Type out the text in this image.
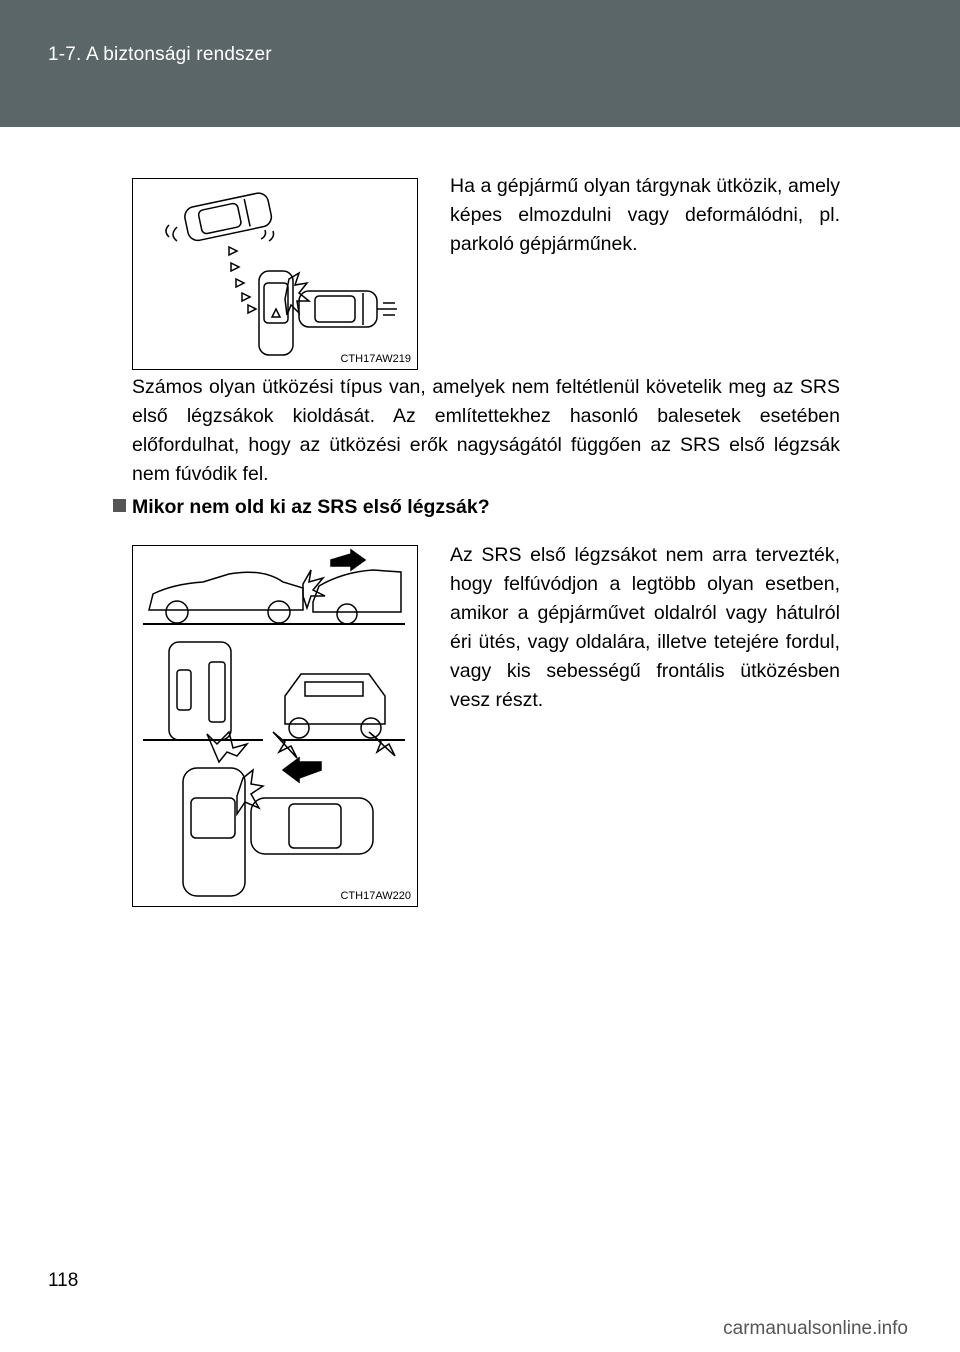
1-7. A biztonsági rendszer
CTH17AW219

Ha a gépjármű olyan tárgynak ütközik, amely képes elmozdulni vagy deformálódni, pl. parkoló gépjárműnek.

Számos olyan ütközési típus van, amelyek nem feltétlenül követelik meg az SRS első légzsákok kioldását. Az említettekhez hasonló balesetek esetében előfordulhat, hogy az ütközési erők nagyságától függően az SRS első légzsák nem fúvódik fel.

Mikor nem old ki az SRS első légzsák?
CTH17AW220

Az SRS első légzsákot nem arra tervezték, hogy felfúvódjon a legtöbb olyan esetben, amikor a gépjárművet oldalról vagy hátulról éri ütés, vagy oldalára, illetve tetejére fordul, vagy kis sebességű frontális ütközésben vesz részt.

118
carmanualsonline.info
